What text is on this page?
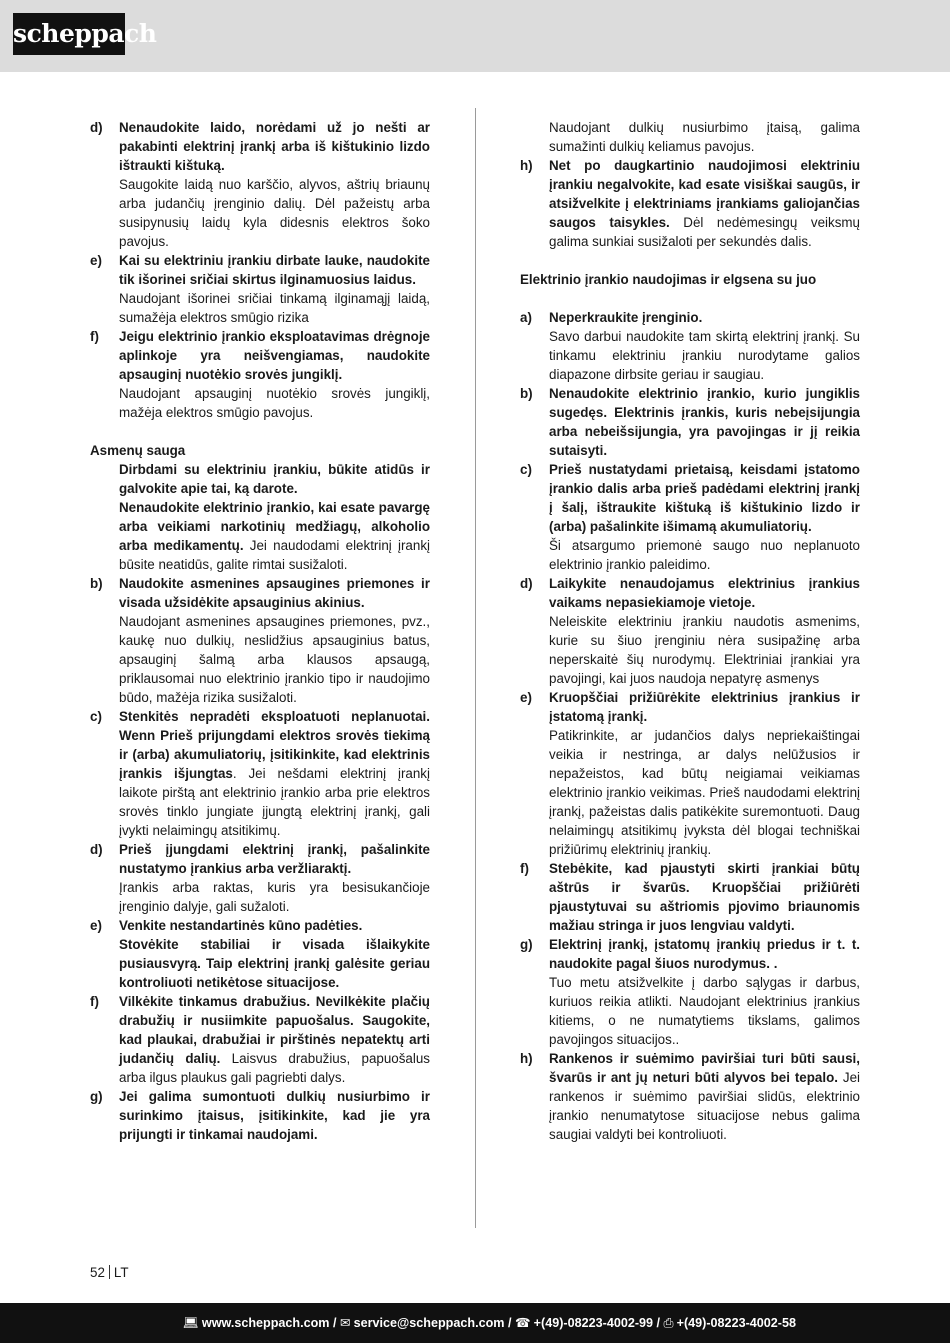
scheppach
d) Nenaudokite laido, norėdami už jo nešti ar pakabinti elektrinį įrankį arba iš kištukinio lizdo ištraukti kištuką.
Saugokite laidą nuo karščio, alyvos, aštrių briaunų arba judančių įrenginio dalių. Dėl pažeistų arba susipynusių laidų kyla didesnis elektros šoko pavojus.
e) Kai su elektriniu įrankiu dirbate lauke, naudokite tik išorinei sričiai skirtus ilginamuosius laidus.
Naudojant išorinei sričiai tinkamą ilginamąjį laidą, sumažėja elektros smūgio rizika
f) Jeigu elektrinio įrankio eksploatavimas drėgnoje aplinkoje yra neišvengiamas, naudokite apsauginį nuotėkio srovės jungiklį.
Naudojant apsauginį nuotėkio srovės jungiklį, mažėja elektros smūgio pavojus.
Asmenų sauga
Dirbdami su elektriniu įrankiu, būkite atidūs ir galvokite apie tai, ką darote.
Nenaudokite elektrinio įrankio, kai esate pavargę arba veikiami narkotinių medžiagų, alkoholio arba medikamentų. Jei naudodami elektrinį įrankį būsite neatidūs, galite rimtai susižaloti.
b) Naudokite asmenines apsaugines priemones ir visada užsidėkite apsauginius akinius.
Naudojant asmenines apsaugines priemones, pvz., kaukę nuo dulkių, neslidžius apsauginius batus, apsauginį šalmą arba klausos apsaugą, priklausomai nuo elektrinio įrankio tipo ir naudojimo būdo, mažėja rizika susižaloti.
c) Stenkitės nepradėti eksploatuoti neplanuotai. Wenn Prieš prijungdami elektros srovės tiekimą ir (arba) akumuliatorių, įsitikinkite, kad elektrinis įrankis išjungtas. Jei nešdami elektrinį įrankį laikote pirštą ant elektrinio įrankio arba prie elektros srovės tinklo jungiate įjungtą elektrinį įrankį, gali įvykti nelaimingų atsitikimų.
d) Prieš įjungdami elektrinį įrankį, pašalinkite nustatymo įrankius arba veržliaraktį.
Įrankis arba raktas, kuris yra besisukančioje įrenginio dalyje, gali sužaloti.
e) Venkite nestandartinės kūno padėties.
Stovėkite stabiliai ir visada išlaikykite pusiausvyrą. Taip elektrinį įrankį galėsite geriau kontroliuoti netikėtose situacijose.
f) Vilkėkite tinkamus drabužius. Nevilkėkite plačių drabužių ir nusiimkite papuošalus. Saugokite, kad plaukai, drabužiai ir pirštinės nepatektų arti judančių dalių. Laisvus drabužius, papuošalus arba ilgus plaukus gali pagriebti dalys.
g) Jei galima sumontuoti dulkių nusiurbimo ir surinkimo įtaisus, įsitikinkite, kad jie yra prijungti ir tinkamai naudojami.
Naudojant dulkių nusiurbimo įtaisą, galima sumažinti dulkių keliamus pavojus.
h) Net po daugkartinio naudojimosi elektriniu įrankiu negalvokite, kad esate visiškai saugūs, ir atsižvelkite į elektriniams įrankiams galiojančias saugos taisykles. Dėl nedėmesingų veiksmų galima sunkiai susižaloti per sekundės dalis.
Elektrinio įrankio naudojimas ir elgsena su juo
a) Neperkraukite įrenginio.
Savo darbui naudokite tam skirtą elektrinį įrankį. Su tinkamu elektriniu įrankiu nurodytame galios diapazone dirbsite geriau ir saugiau.
b) Nenaudokite elektrinio įrankio, kurio jungiklis sugedęs. Elektrinis įrankis, kuris nebeįsijungia arba nebeišsijungia, yra pavojingas ir jį reikia sutaisyti.
c) Prieš nustatydami prietaisą, keisdami įstatomo įrankio dalis arba prieš padėdami elektrinį įrankį į šalį, ištraukite kištuką iš kištukinio lizdo ir (arba) pašalinkite išimamą akumuliatorių.
Ši atsargumo priemonė saugo nuo neplanuoto elektrinio įrankio paleidimo.
d) Laikykite nenaudojamus elektrinius įrankius vaikams nepasiekiamoje vietoje.
Neleiskite elektriniu įrankiu naudotis asmenims, kurie su šiuo įrenginiu nėra susipažinę arba neperskaitė šių nurodymų. Elektriniai įrankiai yra pavojingi, kai juos naudoja nepatyrę asmenys
e) Kruopščiai prižiūrėkite elektrinius įrankius ir įstatomą įrankį.
Patikrinkite, ar judančios dalys nepriekaištingai veikia ir nestringa, ar dalys nelūžusios ir nepažeistos, kad būtų neigiamai veikiamas elektrinio įrankio veikimas. Prieš naudodami elektrinį įrankį, pažeistas dalis patikėkite suremontuoti. Daug nelaimingų atsitikimų įvyksta dėl blogai techniškai prižiūrimų elektrinių įrankių.
f) Stebėkite, kad pjaustyti skirti įrankiai būtų aštrūs ir švarūs. Kruopščiai prižiūrėti pjaustytuvai su aštriomis pjovimo briaunomis mažiau stringa ir juos lengviau valdyti.
g) Elektrinį įrankį, įstatomų įrankių priedus ir t. t. naudokite pagal šiuos nurodymus. .
Tuo metu atsižvelkite į darbo sąlygas ir darbus, kuriuos reikia atlikti. Naudojant elektrinius įrankius kitiems, o ne numatytiems tikslams, galimos pavojingos situacijos..
h) Rankenos ir suėmimo paviršiai turi būti sausi, švarūs ir ant jų neturi būti alyvos bei tepalo. Jei rankenos ir suėmimo paviršiai slidūs, elektrinio įrankio nenumatytose situacijose nebus galima saugiai valdyti bei kontroliuoti.
52 LT
💻︎ www.scheppach.com / ✉︎ service@scheppach.com / ☎︎ +(49)-08223-4002-99 / ⎙ +(49)-08223-4002-58
